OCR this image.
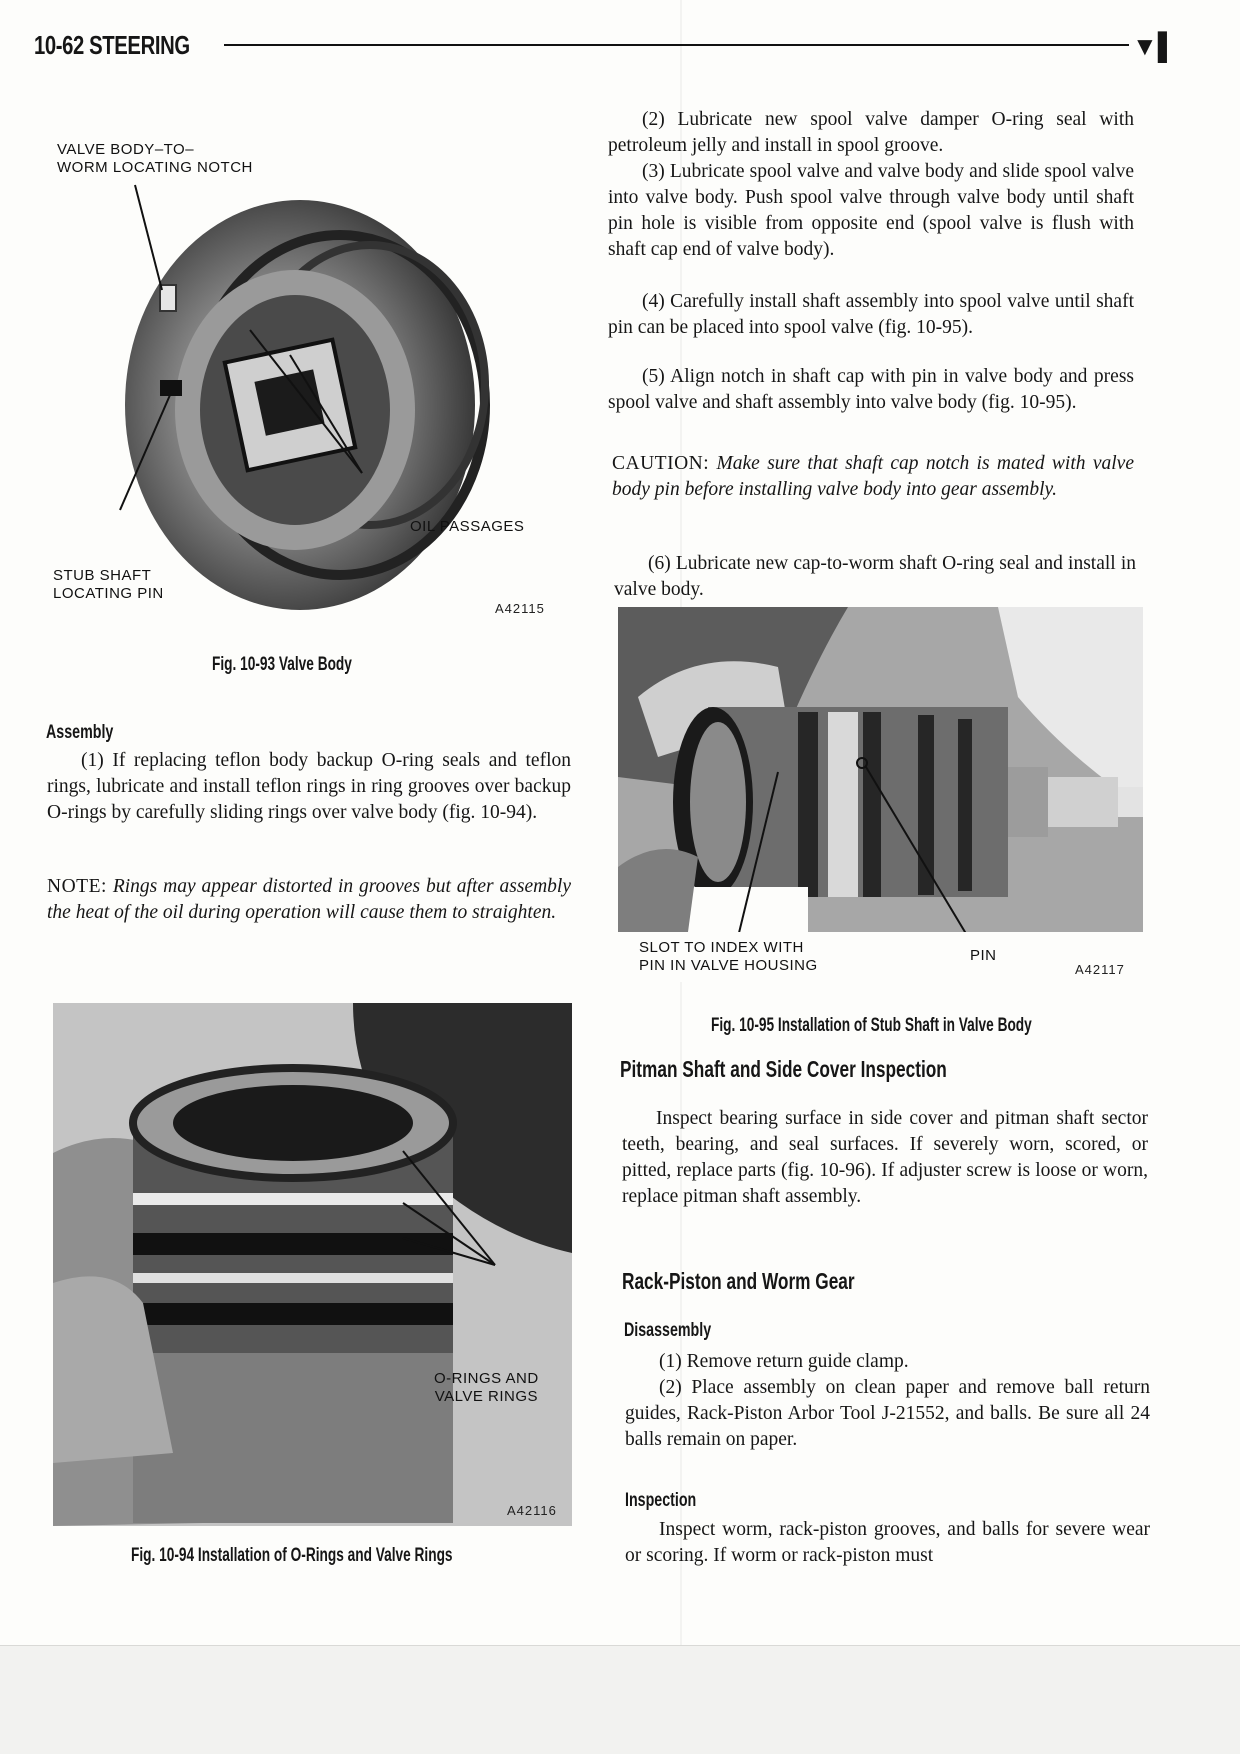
10-62 STEERING	▼▌
VALVE BODY–TO–
WORM LOCATING NOTCH
OIL PASSAGES
STUB SHAFT
LOCATING PIN
A42115
Fig. 10-93 Valve Body
Assembly

(1) If replacing teflon body backup O-ring seals and teflon rings, lubricate and install teflon rings in ring grooves over backup O-rings by carefully sliding rings over valve body (fig. 10-94).

NOTE: Rings may appear distorted in grooves but after assembly the heat of the oil during operation will cause them to straighten.

O-RINGS AND
VALVE RINGS
A42116
Fig. 10-94 Installation of O-Rings and Valve Rings

(2) Lubricate new spool valve damper O-ring seal with petroleum jelly and install in spool groove.

(3) Lubricate spool valve and valve body and slide spool valve into valve body. Push spool valve through valve body until shaft pin hole is visible from opposite end (spool valve is flush with shaft cap end of valve body).

(4) Carefully install shaft assembly into spool valve until shaft pin can be placed into spool valve (fig. 10-95).

(5) Align notch in shaft cap with pin in valve body and press spool valve and shaft assembly into valve body (fig. 10-95).

CAUTION: Make sure that shaft cap notch is mated with valve body pin before installing valve body into gear assembly.

(6) Lubricate new cap-to-worm shaft O-ring seal and install in valve body.

SLOT TO INDEX WITH
PIN IN VALVE HOUSING
PIN
A42117
Fig. 10-95 Installation of Stub Shaft in Valve Body
Pitman Shaft and Side Cover Inspection

Inspect bearing surface in side cover and pitman shaft sector teeth, bearing, and seal surfaces. If severely worn, scored, or pitted, replace parts (fig. 10-96). If adjuster screw is loose or worn, replace pitman shaft assembly.

Rack-Piston and Worm Gear
Disassembly

(1) Remove return guide clamp.

(2) Place assembly on clean paper and remove ball return guides, Rack-Piston Arbor Tool J-21552, and balls. Be sure all 24 balls remain on paper.

Inspection

Inspect worm, rack-piston grooves, and balls for severe wear or scoring. If worm or rack-piston must
